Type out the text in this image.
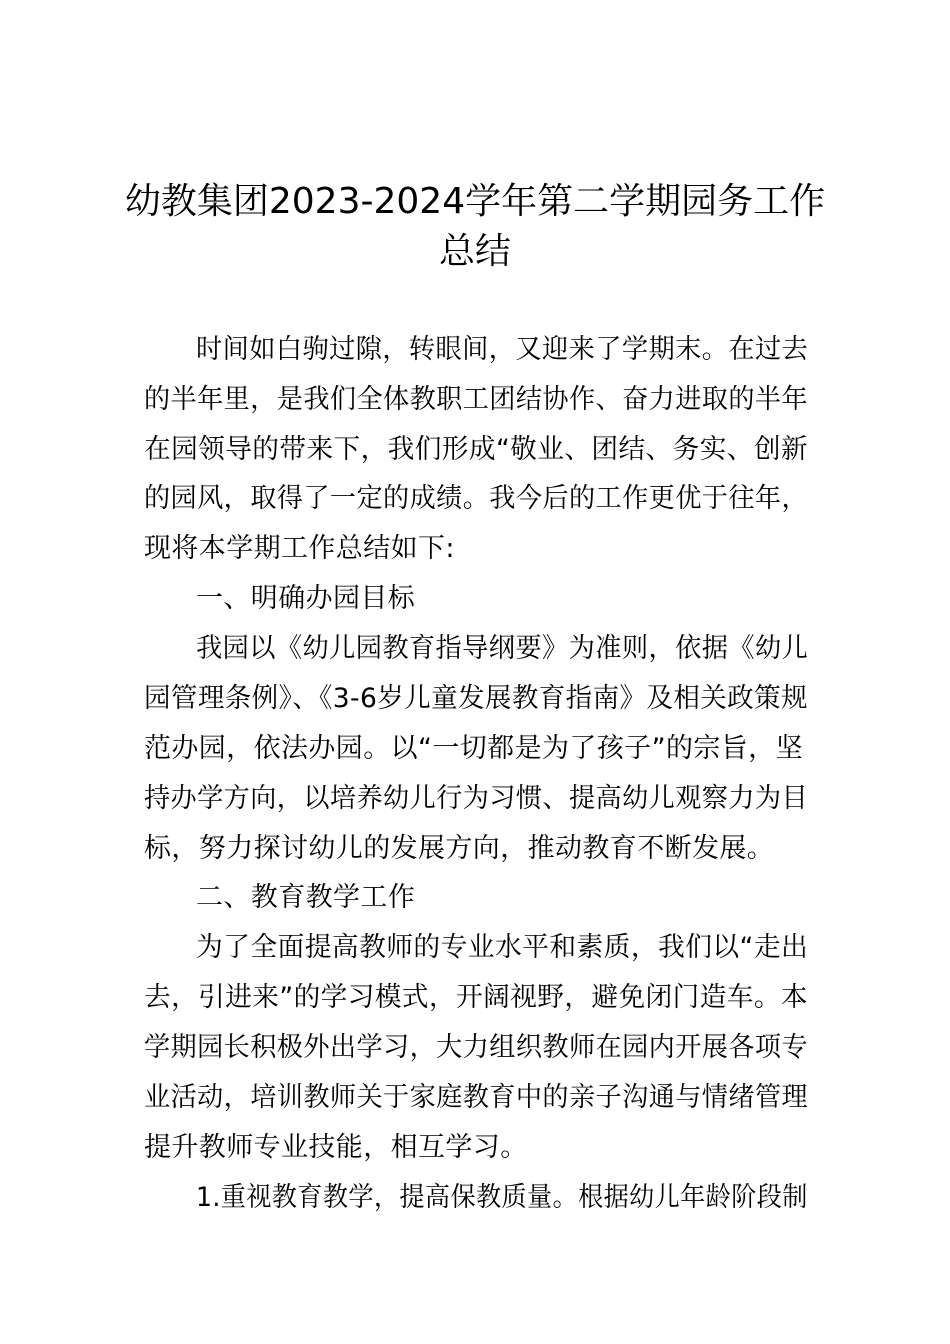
幼教集团2023-2024学年第二学期园务工作
总结
时间如白驹过隙，转眼间，又迎来了学期末。在过去
的半年里，是我们全体教职工团结协作、奋力进取的半年
在园领导的带来下，我们形成“敬业、团结、务实、创新
的园风，取得了一定的成绩。我今后的工作更优于往年，
现将本学期工作总结如下:
一、明确办园目标
我园以《幼儿园教育指导纲要》为准则，依据《幼儿
园管理条例》、《3-6岁儿童发展教育指南》及相关政策规
范办园，依法办园。以“一切都是为了孩子”的宗旨，坚
持办学方向，以培养幼儿行为习惯、提高幼儿观察力为目
标，努力探讨幼儿的发展方向，推动教育不断发展。
二、教育教学工作
为了全面提高教师的专业水平和素质，我们以“走出
去，引进来”的学习模式，开阔视野，避免闭门造车。本
学期园长积极外出学习，大力组织教师在园内开展各项专
业活动，培训教师关于家庭教育中的亲子沟通与情绪管理
提升教师专业技能，相互学习。
1.重视教育教学，提高保教质量。根据幼儿年龄阶段制
